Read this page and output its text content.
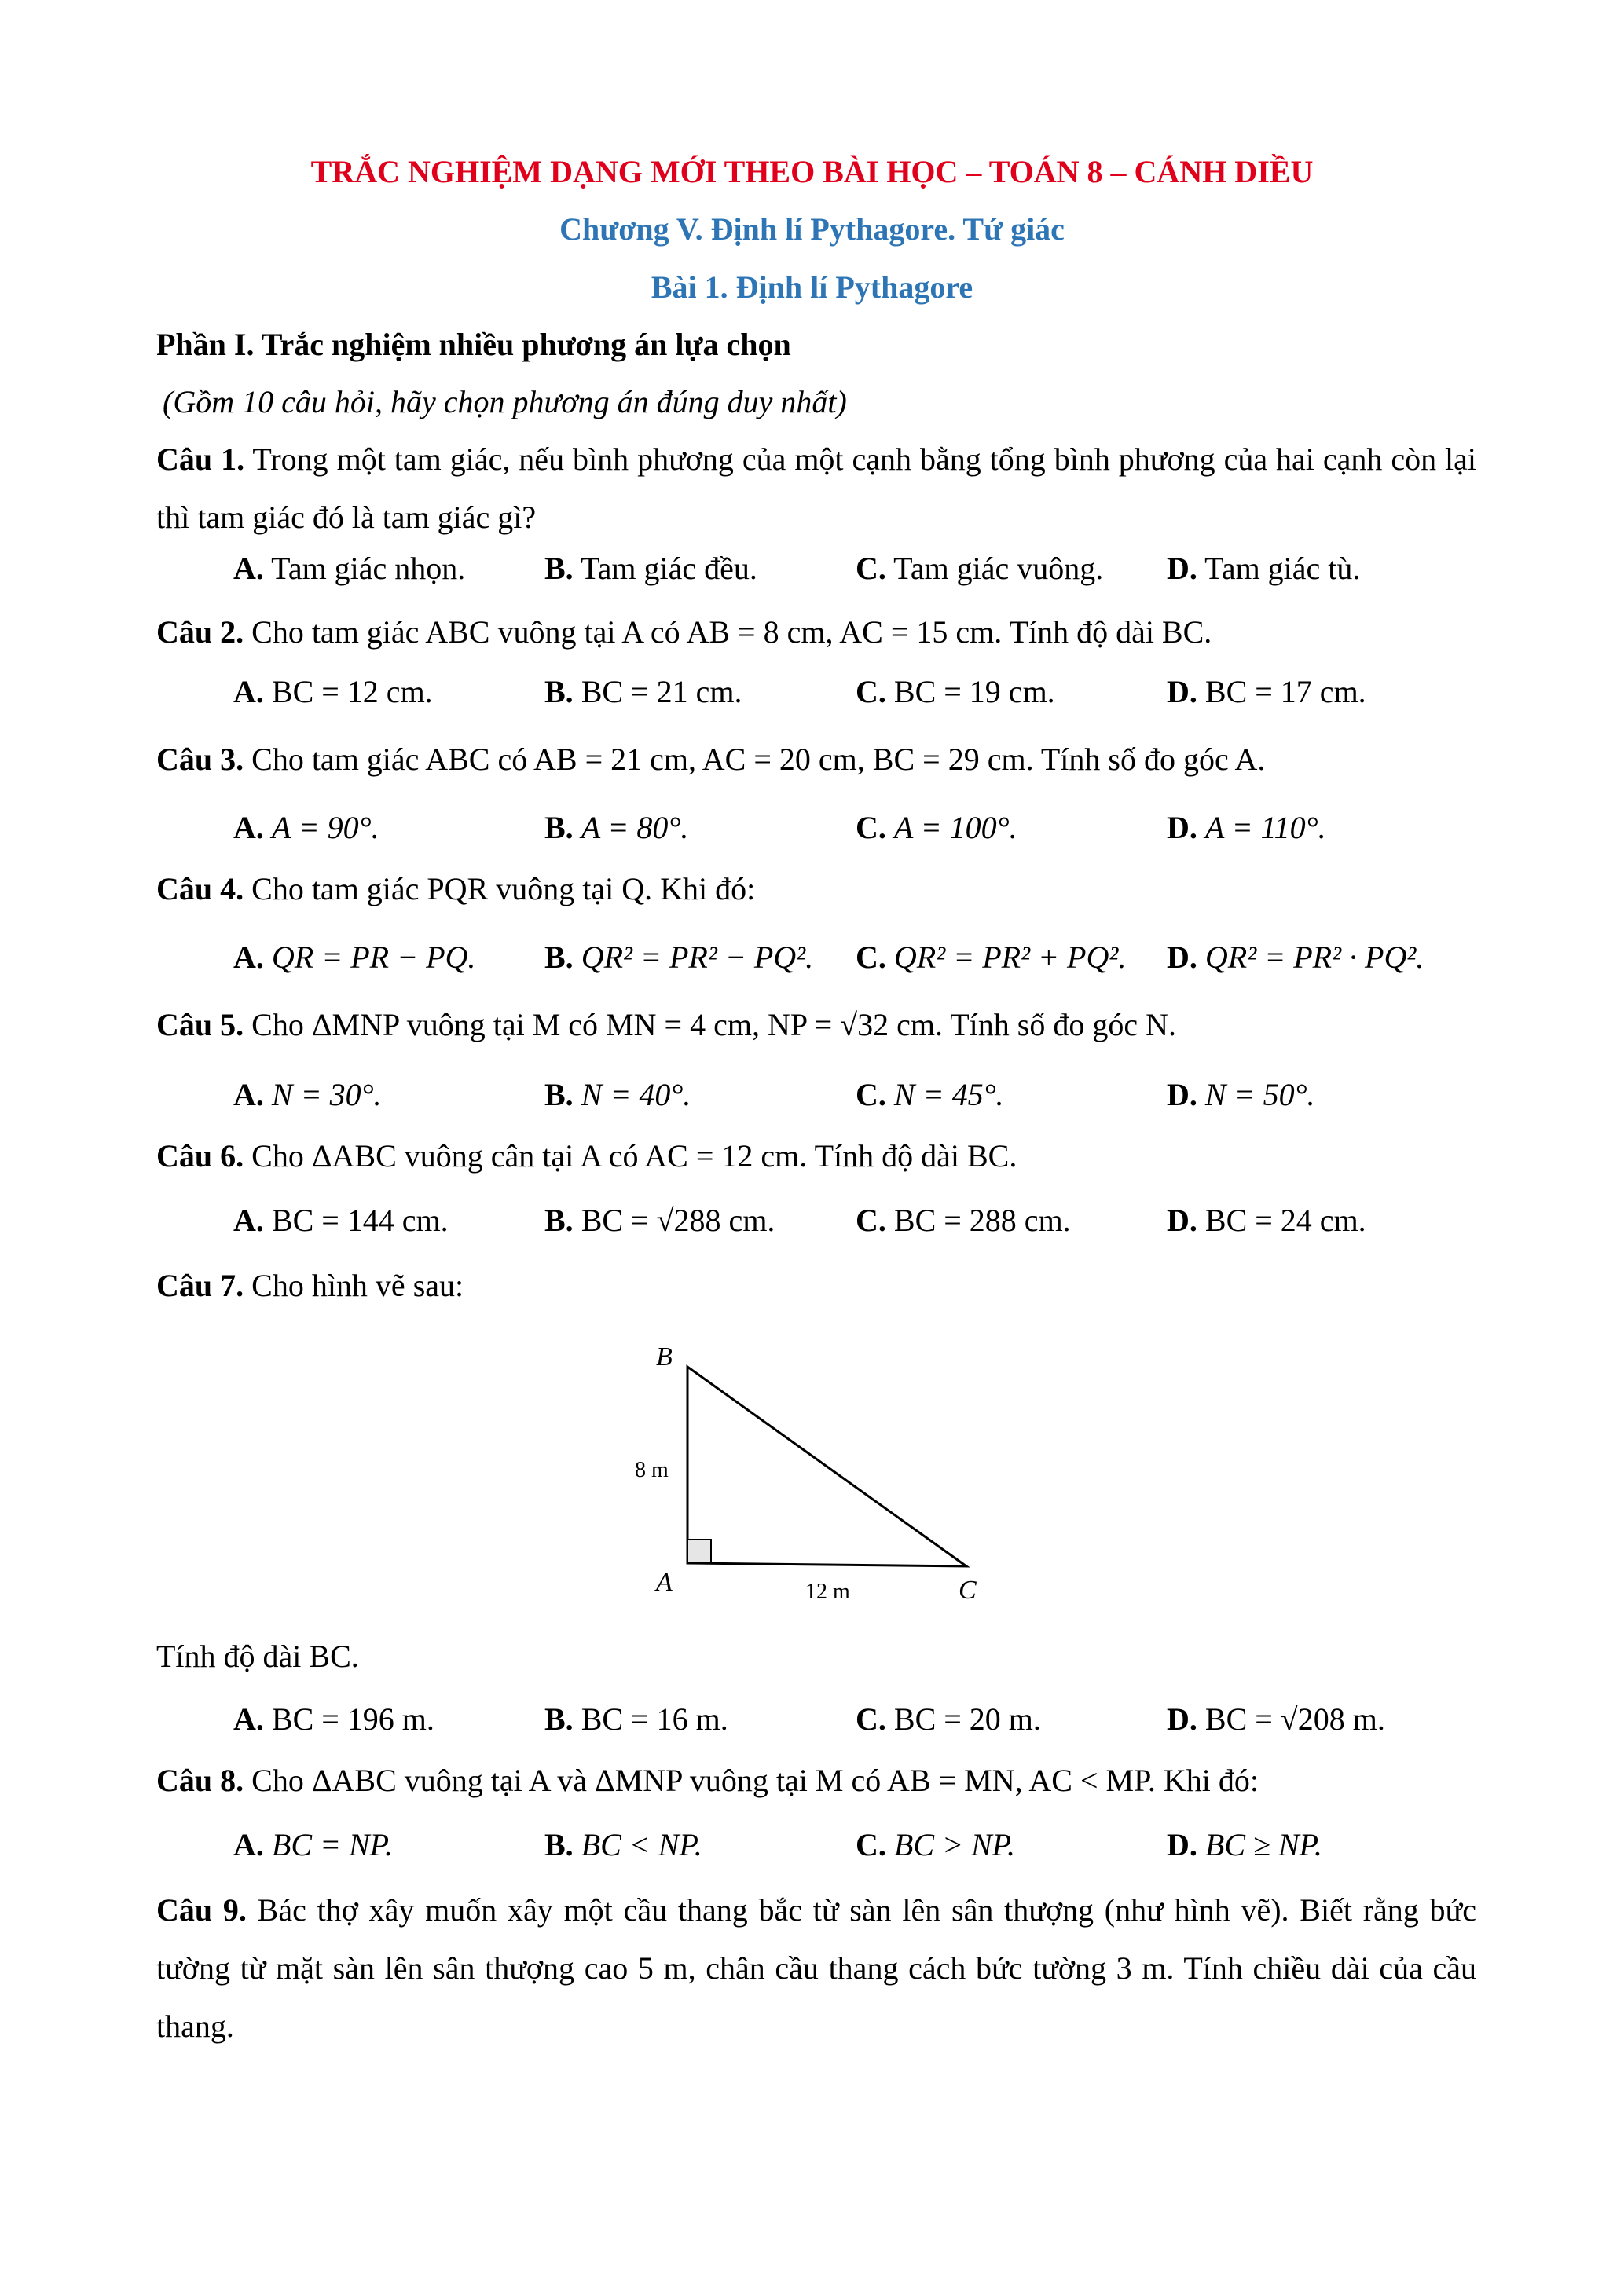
TRẮC NGHIỆM DẠNG MỚI THEO BÀI HỌC – TOÁN 8 – CÁNH DIỀU
Chương V. Định lí Pythagore. Tứ giác
Bài 1. Định lí Pythagore
Phần I. Trắc nghiệm nhiều phương án lựa chọn
(Gồm 10 câu hỏi, hãy chọn phương án đúng duy nhất)
Câu 1. Trong một tam giác, nếu bình phương của một cạnh bằng tổng bình phương của hai cạnh còn lại thì tam giác đó là tam giác gì?
A. Tam giác nhọn.	B. Tam giác đều.	C. Tam giác vuông. D. Tam giác tù.
Câu 2. Cho tam giác ABC vuông tại A có AB = 8 cm, AC = 15 cm. Tính độ dài BC.
A. BC = 12 cm.	B. BC = 21 cm.	C. BC = 19 cm.	D. BC = 17 cm.
Câu 3. Cho tam giác ABC có AB = 21 cm, AC = 20 cm, BC = 29 cm. Tính số đo góc A.
A. A = 90°.	B. A = 80°.	C. A = 100°.	D. A = 110°.
Câu 4. Cho tam giác PQR vuông tại Q. Khi đó:
A. QR = PR − PQ. B. QR² = PR² − PQ². C. QR² = PR² + PQ². D. QR² = PR² · PQ².
Câu 5. Cho ΔMNP vuông tại M có MN = 4 cm, NP = √32 cm. Tính số đo góc N.
A. N = 30°.	B. N = 40°.	C. N = 45°.	D. N = 50°.
Câu 6. Cho ΔABC vuông cân tại A có AC = 12 cm. Tính độ dài BC.
A. BC = 144 cm.	B. BC = √288 cm.	C. BC = 288 cm.	D. BC = 24 cm.
Câu 7. Cho hình vẽ sau:
B
A	C
8 m
12 m
Tính độ dài BC.
A. BC = 196 m.	B. BC = 16 m.	C. BC = 20 m.	D. BC = √208 m.
Câu 8. Cho ΔABC vuông tại A và ΔMNP vuông tại M có AB = MN, AC < MP. Khi đó:
A. BC = NP.	B. BC < NP.	C. BC > NP.	D. BC ≥ NP.
Câu 9. Bác thợ xây muốn xây một cầu thang bắc từ sàn lên sân thượng (như hình vẽ). Biết rằng bức tường từ mặt sàn lên sân thượng cao 5 m, chân cầu thang cách bức tường 3 m. Tính chiều dài của cầu thang.
